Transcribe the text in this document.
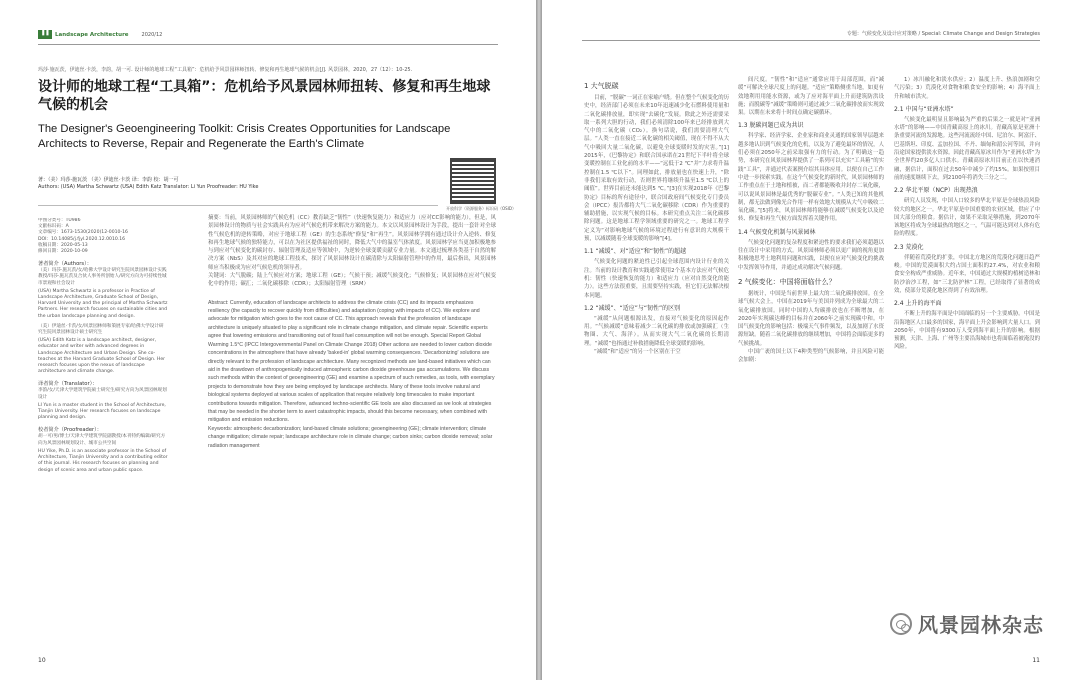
Landscape Architecture	2020/12
玛莎·施瓦茨，伊迪丝·卡茨，李韵，胡一可. 设计师的地球工程“工具箱”：危机给予风景园林师扭转、修复和再生地球气候的机会[J]. 风景园林，2020，27（12）：10-25.
设计师的地球工程“工具箱”：危机给予风景园林师扭转、修复和再生地球气候的机会
The Designer's Geoengineering Toolkit: Crisis Creates Opportunities for Landscape Architects to Reverse, Repair and Regenerate the Earth's Climate
著：（美）玛莎·施瓦茨 （美）伊迪丝·卡茨 译：李韵 校：胡一可
Authors: (USA) Martha Schwartz (USA) Edith Katz Translator: Li Yun Proofreader: HU Yike
开放科学（资源服务）标识码（OSID）
中图分类号：TU986
文献标识码：A
文章编号：1673-1530(2020)12-0010-16
DOI：10.14085/j.fjyl.2020.12.0010.16
收稿日期：2020-05-13
修回日期：2020-10-09
著者简介（Authors）：
（美）玛莎·施瓦茨/女/哈佛大学设计研究生院风景园林设计实践教授/玛莎·施瓦茨及合伙人事务所创始人/研究方向为可持续性城市景观和社会设计
(USA) Martha Schwartz is a professor in Practice of Landscape Architecture, Graduate School of Design, Harvard University and the principal of Martha Schwartz Partners. Her research focuses on sustainable cities and the urban landscape planning and design.
（美）伊迪丝·卡茨/女/风景园林师和策展专家/哈佛大学设计研究生院风景园林设计硕士研究生
(USA) Edith Katz is a landscape architect, designer, educator and writer with advanced degrees in Landscape Architecture and Urban Design. She co-teaches at the Harvard Graduate School of Design. Her research focuses upon the nexus of landscape architecture and climate change.
译者简介（Translator）：
李韵/女/天津大学建筑学院硕士研究生/研究方向为风景园林规划设计
LI Yun is a master student in the School of Architecture, Tianjin University. Her research focuses on landscape planning and design.
校者简介（Proofreader）：
胡一可/男/博士/天津大学建筑学院副教授/本刊特约编辑/研究方向为风景园林规划设计、城市公共空间
HU Yike, Ph.D. is an associate professor in the School of Architecture, Tianjin University and a contributing editor of this journal. His research focuses on planning and design of scenic area and urban public space.
摘要：当前，风景园林师的气候危机（CC）教育缺乏“韧性”（快速恢复能力）和适应力（应对CC影响的能力），但是，风景园林设计的物质与社会实践具有为应对气候危机带来解决方案的能力。本文以风景园林设计为手段，提出一套针对全球性气候危机的逆转策略，对应于地球工程（GE）的生态系统“修复”和“再生”。风景园林学拥有通过设计介入逆转、修复和再生地球气候的独特能力，可以在为社区提供福祉的同时，降低大气中的温室气体浓度。风景园林学应当更加积极地参与到应对气候变化的碳封存、辐射管理及适应等领域中，为逆转全球变暖贡献专业力量。本文通过梳理各类基于自然的解决方案（NbS）及其对应的地球工程技术，探讨了风景园林设计在碳清除与太阳辐射管理中的作用，最后指出，风景园林师应当积极成为应对气候危机的领导者。
关键词：大气脱碳；陆上气候应对方案；地球工程（GE）；气候干预；减缓气候变化；气候修复；风景园林在应对气候变化中的作用；碳汇；二氧化碳移除（CDR）；太阳辐射管理（SRM）
Abstract: Currently, education of landscape architects to address the climate crisis (CC) and its impacts emphasizes resiliency (the capacity to recover quickly from difficulties) and adaptation (coping with impacts of CC). We explore and advocate for mitigation which goes to the root cause of CC. This approach reveals that the profession of landscape architecture is uniquely situated to play a significant role in climate change mitigation, and climate repair. Scientific experts agree that lowering emissions and transitioning out of fossil fuel consumption will not be enough. Special Report Global Warming 1.5°C (IPCC Intergovernmental Panel on Climate Change 2018) Other actions are needed to lower carbon dioxide concentrations in the atmosphere that have already 'baked-in' global warming consequences. 'Decarbonizing' solutions are directly relevant to the profession of landscape architecture. Many recognized methods are land-based initiatives which can aid in the drawdown of anthropogenically induced atmospheric carbon dioxide greenhouse gas accumulations. We discuss such methods within the context of geoengineering (GE) and examine a spectrum of such remedies, as tools, with exemplary projects to demonstrate how they are being employed by landscape architects. Many of these tools involve natural and biological systems deployed at various scales of application that require relatively long timescales to make important contributions towards mitigation. Therefore, advanced techno-scientific GE tools are also discussed as we look at strategies that may be needed in the shorter term to avert catastrophic impacts, should this become necessary, when combined with mitigation and emission reductions.
Keywords: atmospheric decarbonization; land-based climate solutions; geoengineering (GE); climate intervention; climate change mitigation; climate repair; landscape architecture role in climate change; carbon sinks; carbon dioxide removal; solar radiation management
10
专题：气候变化及设计应对策略 / Special: Climate Change and Design Strategies
1 大气脱碳
目前，“脱碳”一词正在家喻户晓。但在整个气候变化的历史中，经济部门必须在未来10年迅速减少化石燃料使用量和二氧化碳排放量，即实现“去碳化”发展。除此之外还需要采取一系列大胆的行动，我们必须清除100年来已经排放到大气中的二氧化碳（CO₂）。换句话说，我们需要清理大气层。“人类一直在接近二氧化碳的相关阈值，现在不得不从大气中吸回大量二氧化碳，以避免全球变暖时发的灾害。”[1] 2015年，《巴黎协定》和联合国承诺在21世纪下半叶将全球变暖控制在工业化前的水平——“远低于2 ℃”并“力求将升温控制在1.5 ℃以下”。同理如此，排放量也在快速上升，“除非我们采取有效行动，否则世界将继续升温至1.5 ℃以上的阈值”。世界目前还未能达到5 ℃。”[3]在实现2018年《巴黎协定》目标的所有途径中，联合国政府间气候变化专门委员会（IPCC）报告都将大气二氧化碳移除（CDR）作为重要的辅助措施，以实现气候的目标。本研究重点关注二氧化碳移除问题。这是地球工程学领域重要的研究之一。地球工程学定义为“对影响地球气候的环境过程进行有意识的大规模干预，以减缓随着全球变暖的影响”[4]。
1.1 “减缓”、对“适应”和“韧性”的超越
气候变化问题的紧迫性已引起全球范围内设计行业的关注。当前的设计教育和实践通常使用2个基本方法应对气候危机：韧性（快速恢复的能力）和适应力（应对自然变化的能力）。这些方法很重要，且需要坚持实践，但它们无法解决根本问题。
1.2 “减缓”、“适应”与“韧性”的区别
“减缓”从问题根源出发，直接对气候变化的原因起作用。“气候减缓”意味着减少二氧化碳的排放或加强碳汇（生物圈、大气、海洋）。从而实现大气二氧化碳的长期清理。“减缓”也指通过补救措施降低全球变暖的影响。
“减缓”和“适应”的另一个区别在于空
间尺度。“韧性”和“适应”通常应用于局部范围，而“减缓”可解决全球尺度上的问题。“适应”策略侧重当地，如更有效地利用用能水资源，或为了应对海平面上升而建筑防洪设施；而脱碳等“减缓”策略则可通过减少二氧化碳排放而实现效果。以期在未来将十时间点确定碳循环。
1.3 脱碳问题已成为共识
科学家、经济学家、企业家和商业灵通的国家领导层越来越多地认识到气候变化的危机，以及为了避免最坏的情况，人们必须在2050年之前采取强有力的行动。为了明确这一趋势，本研究在风景园林界提供了一系列可以充实“工具箱”的实践“工具”，并通过代表案例介绍其具体应用。以便在自己工作中进一步探索实践。在这个气候变化的新时代，风景园林师的工作重点在于土地和植被，而二者都能吸收并封存二氧化碳，可以说风景园林是最优秀的“脱碳专业”。“人类已知的其他机制，都无法做到像光合作用一样有效地大规模从大气中吸收二氧化碳。”[5]将来，风景园林师将能够在减缓气候变化以及逆转、修复和再生气候方面发挥着关键作用。
1.4 气候变化机制与风景园林
气候变化问题的复杂程度和紧迫性的要求我们必须超越以往在设计中采用的方式。风景园林师必须以更广阔的视角更加积极地思考土地利用问题和实践，以便在应对气候变化的挑战中发挥领导作用，并通过成功解决气候问题。
2 气候变化：中国将面临什么？
据统计，中国是当前世界上最大的二氧化碳排放国。在全球气候大会上，中国在2019年与美国并列成为全球最大的二氧化碳排放国。同时中国的人均碳排放也在不断增加，在2020年实现碳达峰的目标并在2060年之前实现碳中和。中国气候变化的影响包括：极端天气事件频发，以及加剧了水资源短缺。随着二氧化碳排放的继续增加，中国将会面临更多的气候挑战。
中国广袤的国土以下4种类型的气候影响，并且风险可能会加剧：
1）冰川融化和淡水供应；2）温度上升、热浪加剧和空气污染；3）荒漠化对食物和粮食安全的影响；4）海平面上升和城市洪灾。
2.1 中国与“亚洲水塔”
气候变化最明显且影响最为严重的后果之一就是对“亚洲水塔”的影响——中国青藏高原上的冰川。青藏高原是亚洲十条重要河流的发源地。这些河流流经中国、尼泊尔、阿富汗、巴基斯坦、印度、孟加拉国、不丹、缅甸和湄公河等国，并向沿途国家提供淡水资源。因此青藏高原冰川作为“亚洲水塔”为全世界约20多亿人口供水。青藏高原冰川目前正在以快速消融，据估计，面积在过去50年中减少了约15%。如果按照目前的速度继续下去，到2100年将消失三分之二。
2.2 华北平原（NCP）出现热浪
研究人员发现，中国人口较多的华北平原是全球热浪风险较大的地区之一。华北平原是中国重要的农业区域，供应了中国大部分的粮食。据估计，如果不采取足够措施，到2070年该地区将成为全球最热的地区之一，气温可能达到对人体有危险的程度。
2.3 荒漠化
伴随着荒漠化的扩张，中国北方地区的荒漠化问题日趋严峻。中国的荒漠面积大约占国土面积的27.4%，对农业和粮食安全构成严重威胁。近年来，中国通过大规模的植树造林和防沙治沙工程，如“三北防护林”工程，已经取得了显著的成效，使部分荒漠化地区得到了有效治理。
2.4 上升的海平面
不断上升的海平面是中国面临的另一个主要威胁。中国是沿海地区人口最多的国家，海平面上升会影响到大量人口。到2050年，中国将有9300万人受到海平面上升的影响。根据预测，天津、上海、广州等主要沿海城市也将面临着被淹没的风险。
风景园林杂志
11
